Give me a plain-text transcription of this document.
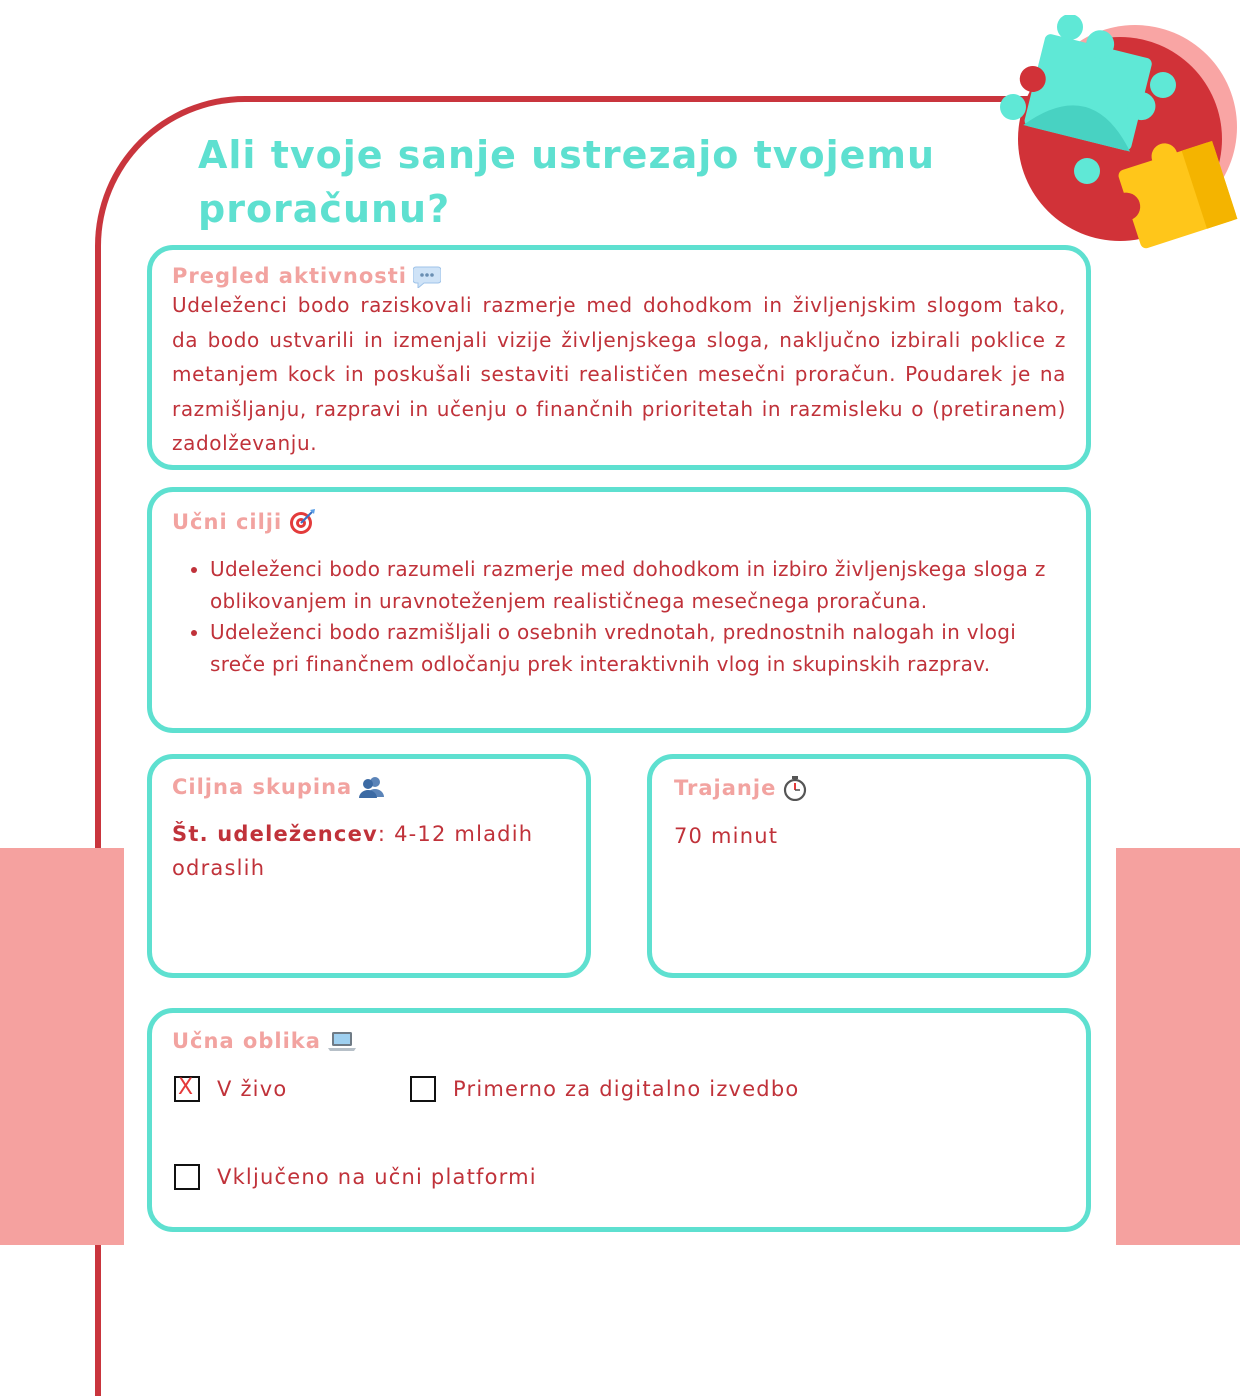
Ali tvoje sanje ustrezajo tvojemu proračunu?
Pregled aktivnosti

Udeleženci bodo raziskovali razmerje med dohodkom in življenjskim slogom tako, da bodo ustvarili in izmenjali vizije življenjskega sloga, naključno izbirali poklice z metanjem kock in poskušali sestaviti realističen mesečni proračun. Poudarek je na razmišljanju, razpravi in učenju o finančnih prioritetah in razmisleku o (pretiranem) zadolževanju.

Učni cilji
• Udeleženci bodo razumeli razmerje med dohodkom in izbiro življenjskega sloga z oblikovanjem in uravnoteženjem realističnega mesečnega proračuna.
• Udeleženci bodo razmišljali o osebnih vrednotah, prednostnih nalogah in vlogi sreče pri finančnem odločanju prek interaktivnih vlog in skupinskih razprav.
Ciljna skupina
Št. udeležencev: 4-12 mladih odraslih
Trajanje
70 minut
Učna oblika
X V živo	Primerno za digitalno izvedbo
Vključeno na učni platformi
